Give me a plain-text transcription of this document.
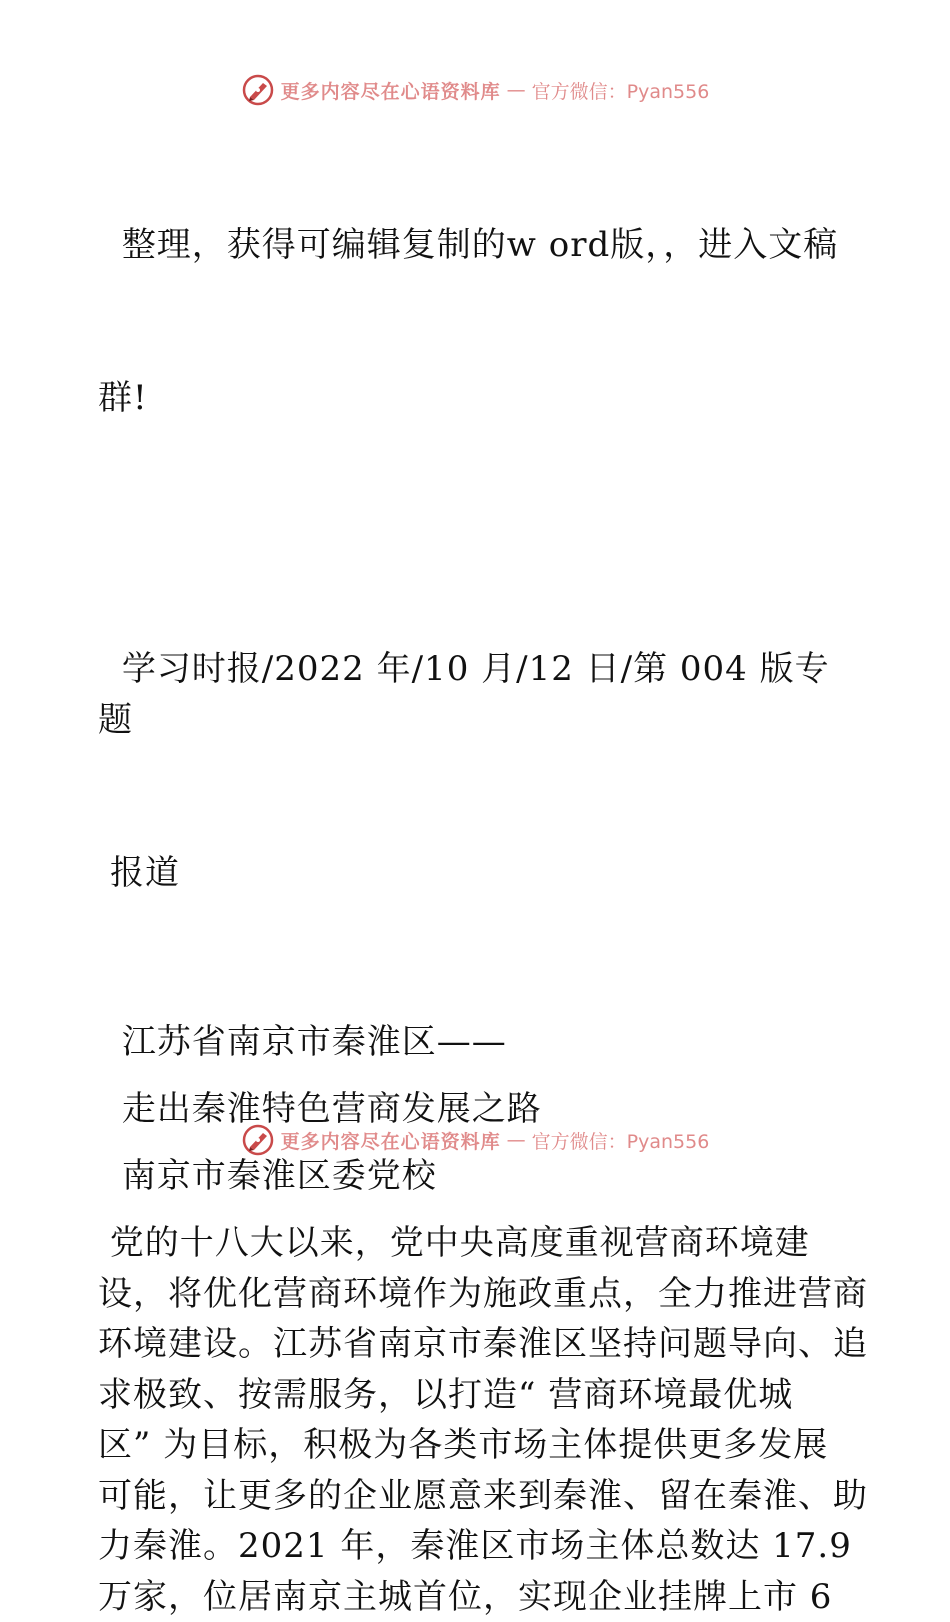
更多内容尽在心语资料库 — 官方微信：Pyan556

整理，获得可编辑复制的w ord版，，进入文稿

群!

学习时报/2022 年/10 月/12 日/第 004 版专题

报道

江苏省南京市秦淮区——
走出秦淮特色营商发展之路
南京市秦淮区委党校
党的十八大以来，党中央高度重视营商环境建
设，将优化营商环境作为施政重点，全力推进营商
环境建设。江苏省南京市秦淮区坚持问题导向、追
求极致、按需服务，以打造“ 营商环境最优城
区” 为目标，积极为各类市场主体提供更多发展
可能，让更多的企业愿意来到秦淮、留在秦淮、助
力秦淮。2021 年，秦淮区市场主体总数达 17.9
万家，位居南京主城首位，实现企业挂牌上市 6
更多内容尽在心语资料库 — 官方微信：Pyan556
